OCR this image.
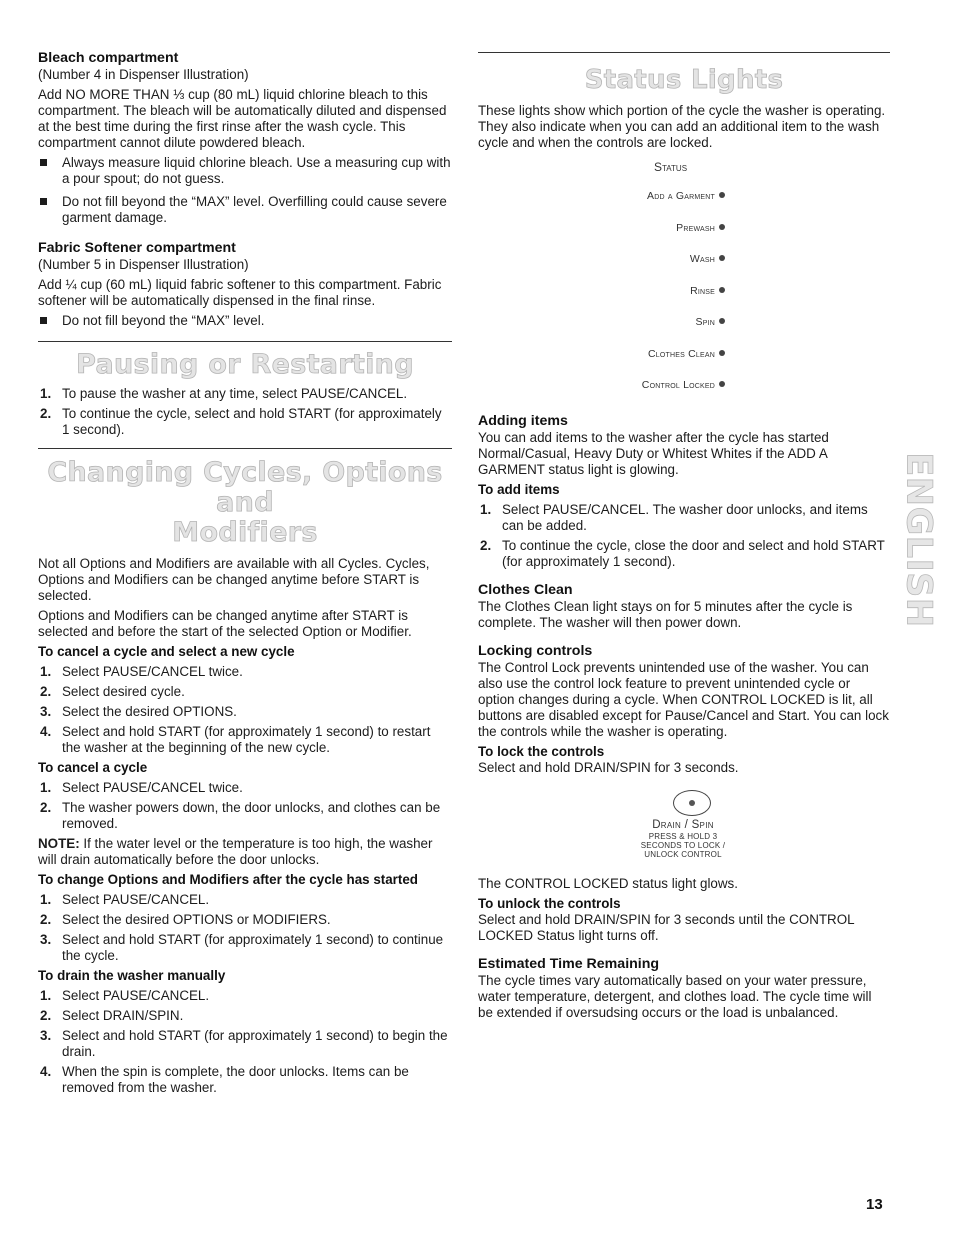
Bleach compartment

(Number 4 in Dispenser Illustration)

Add NO MORE THAN ⅓ cup (80 mL) liquid chlorine bleach to this compartment. The bleach will be automatically diluted and dispensed at the best time during the first rinse after the wash cycle. This compartment cannot dilute powdered bleach.

Always measure liquid chlorine bleach. Use a measuring cup with a pour spout; do not guess.
Do not fill beyond the “MAX” level. Overfilling could cause severe garment damage.
Fabric Softener compartment

(Number 5 in Dispenser Illustration)

Add ¼ cup (60 mL) liquid fabric softener to this compartment. Fabric softener will be automatically dispensed in the final rinse.

Do not fill beyond the “MAX” level.
Pausing or Restarting
1. To pause the washer at any time, select PAUSE/CANCEL.
2. To continue the cycle, select and hold START (for approximately 1 second).
Changing Cycles, Options and
Modifiers

Not all Options and Modifiers are available with all Cycles. Cycles, Options and Modifiers can be changed anytime before START is selected.

Options and Modifiers can be changed anytime after START is selected and before the start of the selected Option or Modifier.

To cancel a cycle and select a new cycle
1. Select PAUSE/CANCEL twice.
2. Select desired cycle.
3. Select the desired OPTIONS.
4. Select and hold START (for approximately 1 second) to restart the washer at the beginning of the new cycle.
To cancel a cycle
1. Select PAUSE/CANCEL twice.
2. The washer powers down, the door unlocks, and clothes can be removed.

NOTE: If the water level or the temperature is too high, the washer will drain automatically before the door unlocks.

To change Options and Modifiers after the cycle has started
1. Select PAUSE/CANCEL.
2. Select the desired OPTIONS or MODIFIERS.
3. Select and hold START (for approximately 1 second) to continue the cycle.
To drain the washer manually
1. Select PAUSE/CANCEL.
2. Select DRAIN/SPIN.
3. Select and hold START (for approximately 1 second) to begin the drain.
4. When the spin is complete, the door unlocks. Items can be removed from the washer.
Status Lights

These lights show which portion of the cycle the washer is operating. They also indicate when you can add an additional item to the wash cycle and when the controls are locked.

Status
Add a Garment
Prewash
Wash
Rinse
Spin
Clothes Clean
Control Locked
Adding items

You can add items to the washer after the cycle has started Normal/Casual, Heavy Duty or Whitest Whites if the ADD A GARMENT status light is glowing.

To add items
1. Select PAUSE/CANCEL. The washer door unlocks, and items can be added.
2. To continue the cycle, close the door and select and hold START (for approximately 1 second).
Clothes Clean

The Clothes Clean light stays on for 5 minutes after the cycle is complete. The washer will then power down.

Locking controls

The Control Lock prevents unintended use of the washer. You can also use the control lock feature to prevent unintended cycle or option changes during a cycle. When CONTROL LOCKED is lit, all buttons are disabled except for Pause/Cancel and Start. You can lock the controls while the washer is operating.

To lock the controls

Select and hold DRAIN/SPIN for 3 seconds.

Drain / Spin
PRESS & HOLD 3
SECONDS TO LOCK /
UNLOCK CONTROL

The CONTROL LOCKED status light glows.

To unlock the controls

Select and hold DRAIN/SPIN for 3 seconds until the CONTROL LOCKED Status light turns off.

Estimated Time Remaining

The cycle times vary automatically based on your water pressure, water temperature, detergent, and clothes load. The cycle time will be extended if oversudsing occurs or the load is unbalanced.

ENGLISH
13
